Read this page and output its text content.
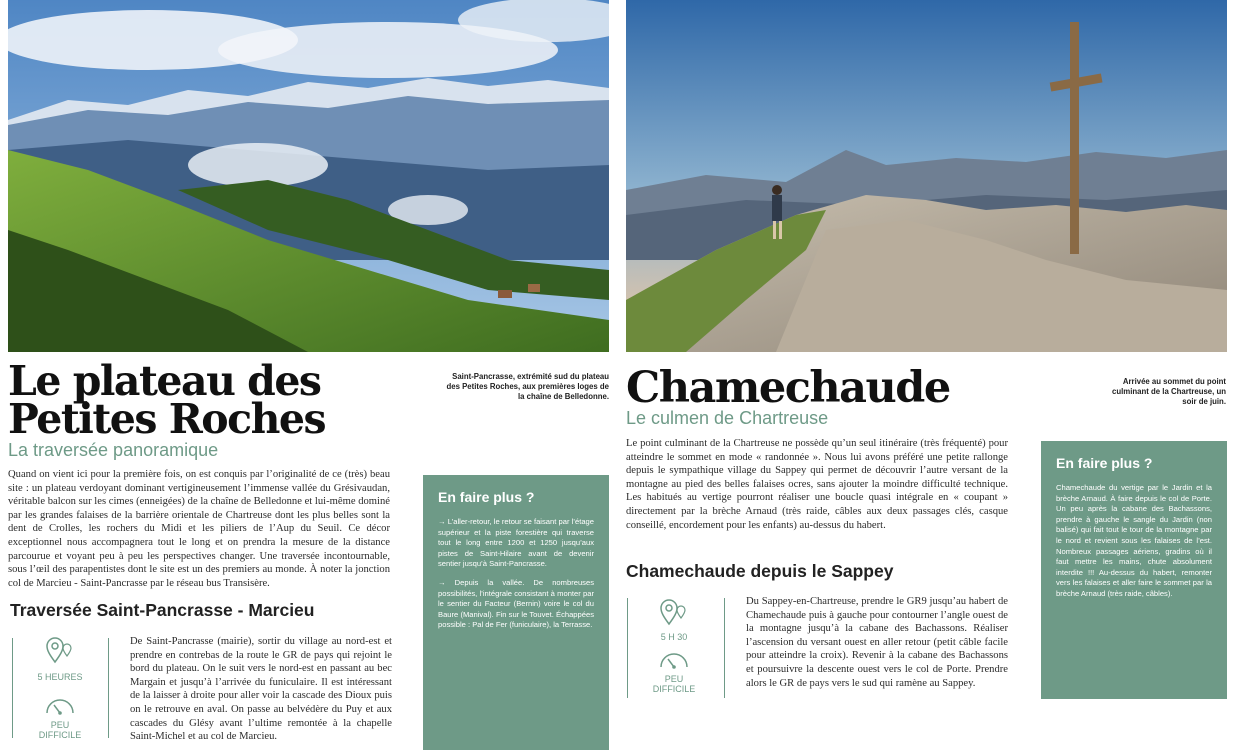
Le plateau des
Petites Roches
La traversée panoramique
Saint-Pancrasse, extrémité sud du plateau des Petites Roches, aux premières loges de la chaîne de Belledonne.
Quand on vient ici pour la première fois, on est conquis par l’originalité de ce (très) beau site : un plateau verdoyant dominant vertigineusement l’immense vallée du Grésivaudan, véritable balcon sur les cimes (enneigées) de la chaîne de Belledonne et lui-même dominé par les grandes falaises de la barrière orientale de Chartreuse dont les plus belles sont la dent de Crolles, les rochers du Midi et les piliers de l’Aup du Seuil. Ce décor exceptionnel nous accompagnera tout le long et on prendra la mesure de la distance parcourue et voyant peu à peu les perspectives changer. Une traversée incontournable, sous l’œil des parapentistes dont le site est un des premiers au monde. À noter la jonction col de Marcieu - Saint-Pancrasse par le réseau bus Transisère.
Traversée Saint-Pancrasse - Marcieu
5 HEURES
PEU
DIFFICILE
De Saint-Pancrasse (mairie), sortir du village au nord-est et prendre en contrebas de la route le GR de pays qui rejoint le bord du plateau. On le suit vers le nord-est en passant au bec Margain et jusqu’à l’arrivée du funiculaire. Il est intéressant de la laisser à droite pour aller voir la cascade des Dioux puis on le retrouve en aval. On passe au belvédère du Puy et aux cascades du Glésy avant l’ultime remontée à la chapelle Saint-Michel et au col de Marcieu.
En faire plus ?

→ L’aller-retour, le retour se faisant par l’étage supérieur et la piste forestière qui traverse tout le long entre 1200 et 1250 jusqu’aux pistes de Saint-Hilaire avant de devenir sentier jusqu’à Saint-Pancrasse.

→ Depuis la vallée. De nombreuses possibilités, l’intégrale consistant à monter par le sentier du Facteur (Bernin) voire le col du Baure (Manival). Fin sur le Touvet. Échappées possible : Pal de Fer (funiculaire), la Terrasse.

Chamechaude
Le culmen de Chartreuse
Arrivée au sommet du point culminant de la Chartreuse, un soir de juin.
Le point culminant de la Chartreuse ne possède qu’un seul itinéraire (très fréquenté) pour atteindre le sommet en mode « randonnée ». Nous lui avons préféré une petite rallonge depuis le sympathique village du Sappey qui permet de découvrir l’autre versant de la montagne au pied des belles falaises ocres, sans ajouter la moindre difficulté technique. Les habitués au vertige pourront réaliser une boucle quasi intégrale en « coupant » directement par la brèche Arnaud (très raide, câbles aux deux passages clés, casque conseillé, encordement pour les enfants) au-dessus du habert.
Chamechaude depuis le Sappey
5 H 30
PEU
DIFFICILE
Du Sappey-en-Chartreuse, prendre le GR9 jusqu’au habert de Chamechaude puis à gauche pour contourner l’angle ouest de la montagne jusqu’à la cabane des Bachassons. Réaliser l’ascension du versant ouest en aller retour (petit câble facile pour atteindre la croix). Revenir à la cabane des Bachassons et poursuivre la descente ouest vers le col de Porte. Prendre alors le GR de pays vers le sud qui ramène au Sappey.
En faire plus ?

Chamechaude du vertige par le Jardin et la brèche Arnaud. À faire depuis le col de Porte. Un peu après la cabane des Bachassons, prendre à gauche le sangle du Jardin (non balisé) qui fait tout le tour de la montagne par le nord et revient sous les falaises de l’est. Nombreux passages aériens, gradins où il faut mettre les mains, chute absolument interdite !!! Au-dessus du habert, remonter vers les falaises et aller faire le sommet par la brèche Arnaud (très raide, câbles).
